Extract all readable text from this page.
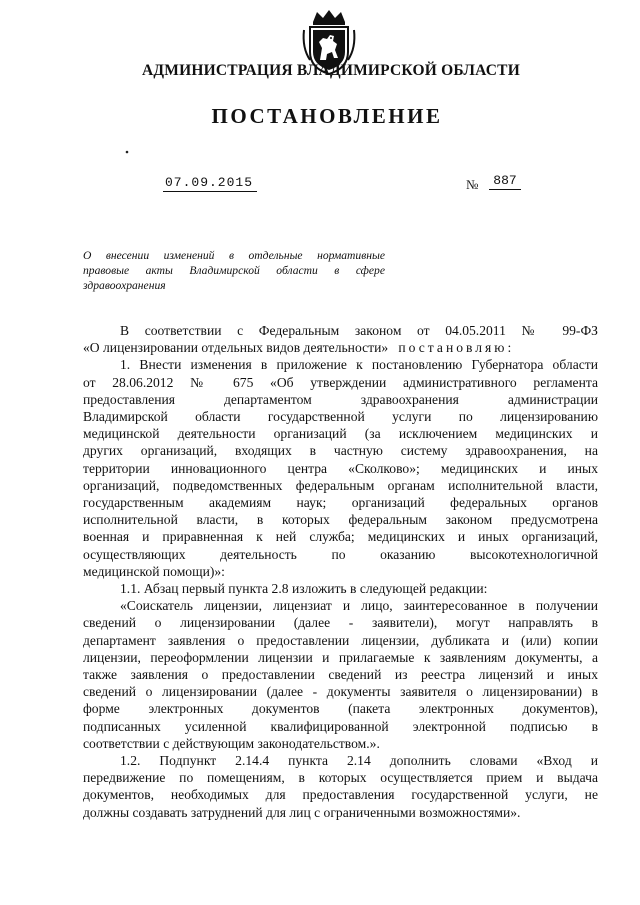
АДМИНИСТРАЦИЯ ВЛАДИМИРСКОЙ ОБЛАСТИ
ПОСТАНОВЛЕНИЕ
07.09.2015	№	887
О внесении изменений в отдельные нормативные
правовые акты Владимирской области в сфере
здравоохранения

В соответствии с Федеральным законом от 04.05.2011 № 99-ФЗ
«О лицензировании отдельных видов деятельности» постановляю:

1. Внести изменения в приложение к постановлению Губернатора области
от 28.06.2012 № 675 «Об утверждении административного регламента
предоставления департаментом здравоохранения администрации
Владимирской области государственной услуги по лицензированию
медицинской деятельности организаций (за исключением медицинских и
других организаций, входящих в частную систему здравоохранения, на
территории инновационного центра «Сколково»; медицинских и иных
организаций, подведомственных федеральным органам исполнительной власти,
государственным академиям наук; организаций федеральных органов
исполнительной власти, в которых федеральным законом предусмотрена
военная и приравненная к ней служба; медицинских и иных организаций,
осуществляющих деятельность по оказанию высокотехнологичной
медицинской помощи)»:

1.1. Абзац первый пункта 2.8 изложить в следующей редакции:

«Соискатель лицензии, лицензиат и лицо, заинтересованное в получении
сведений о лицензировании (далее - заявители), могут направлять в
департамент заявления о предоставлении лицензии, дубликата и (или) копии
лицензии, переоформлении лицензии и прилагаемые к заявлениям документы, а
также заявления о предоставлении сведений из реестра лицензий и иных
сведений о лицензировании (далее - документы заявителя о лицензировании) в
форме электронных документов (пакета электронных документов),
подписанных усиленной квалифицированной электронной подписью в
соответствии с действующим законодательством.».

1.2. Подпункт 2.14.4 пункта 2.14 дополнить словами «Вход и
передвижение по помещениям, в которых осуществляется прием и выдача
документов, необходимых для предоставления государственной услуги, не
должны создавать затруднений для лиц с ограниченными возможностями».
